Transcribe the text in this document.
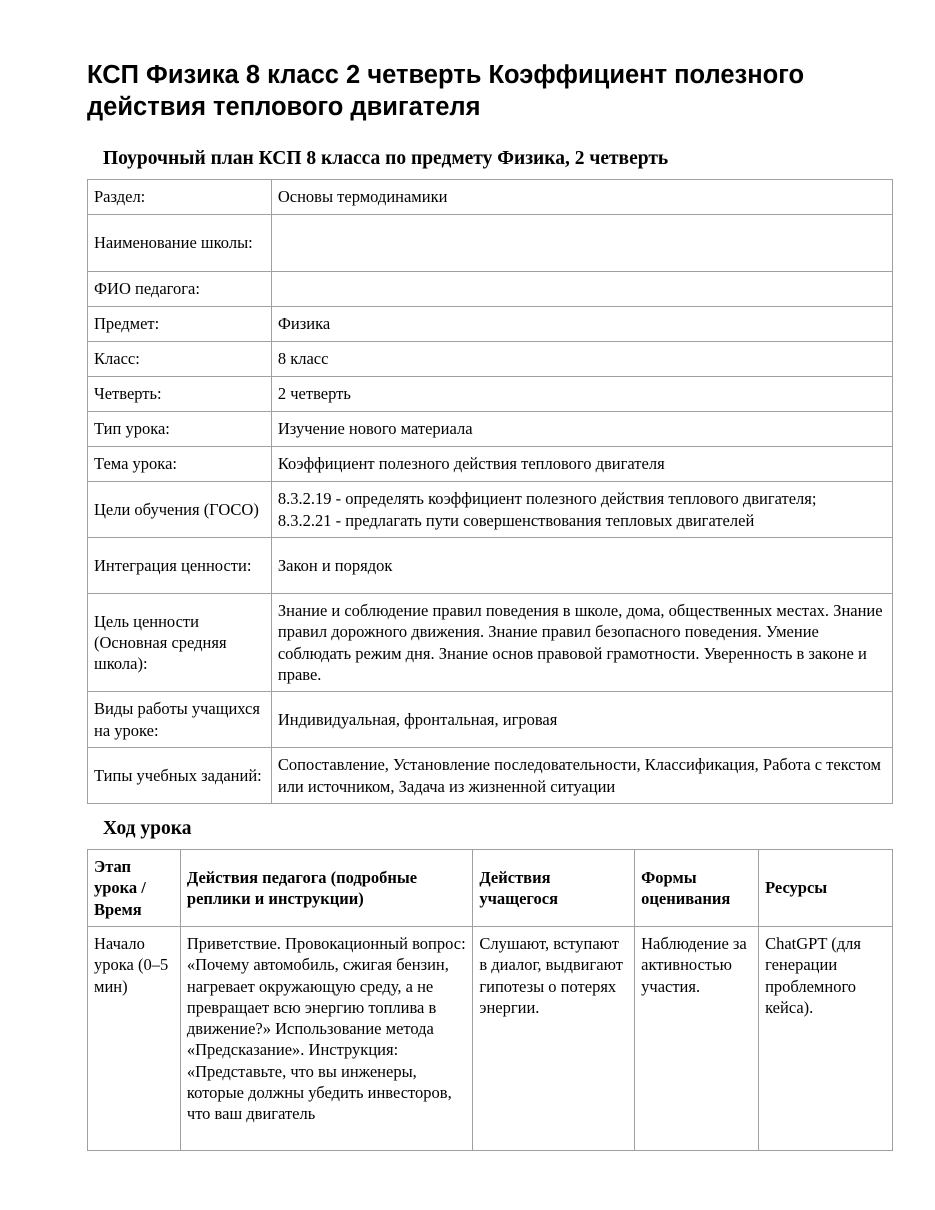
КСП Физика 8 класс 2 четверть Коэффициент полезного действия теплового двигателя
Поурочный план КСП 8 класса по предмету Физика, 2 четверть
Раздел:	Основы термодинамики
Наименование школы:	
ФИО педагога:	
Предмет:	Физика
Класс:	8 класс
Четверть:	2 четверть
Тип урока:	Изучение нового материала
Тема урока:	Коэффициент полезного действия теплового двигателя
Цели обучения (ГОСО)	8.3.2.19 - определять коэффициент полезного действия теплового двигателя;
8.3.2.21 - предлагать пути совершенствования тепловых двигателей

Интеграция ценности:	Закон и порядок
Цель ценности (Основная средняя школа):	Знание и соблюдение правил поведения в школе, дома, общественных местах. Знание правил дорожного движения. Знание правил безопасного поведения. Умение соблюдать режим дня. Знание основ правовой грамотности. Уверенность в законе и праве.
Виды работы учащихся на уроке:	Индивидуальная, фронтальная, игровая
Типы учебных заданий:	Сопоставление, Установление последовательности, Классификация, Работа с текстом или источником, Задача из жизненной ситуации
Ход урока
Этап урока / Время	Действия педагога (подробные реплики и инструкции)	Действия учащегося	Формы оценивания	Ресурсы
Начало урока (0–5 мин)	Приветствие. Провокационный вопрос: «Почему автомобиль, сжигая бензин, нагревает окружающую среду, а не превращает всю энергию топлива в движение?» Использование метода «Предсказание». Инструкция: «Представьте, что вы инженеры, которые должны убедить инвесторов, что ваш двигатель	Слушают, вступают в диалог, выдвигают гипотезы о потерях энергии.	Наблюдение за активностью участия.	ChatGPT (для генерации проблемного кейса).
